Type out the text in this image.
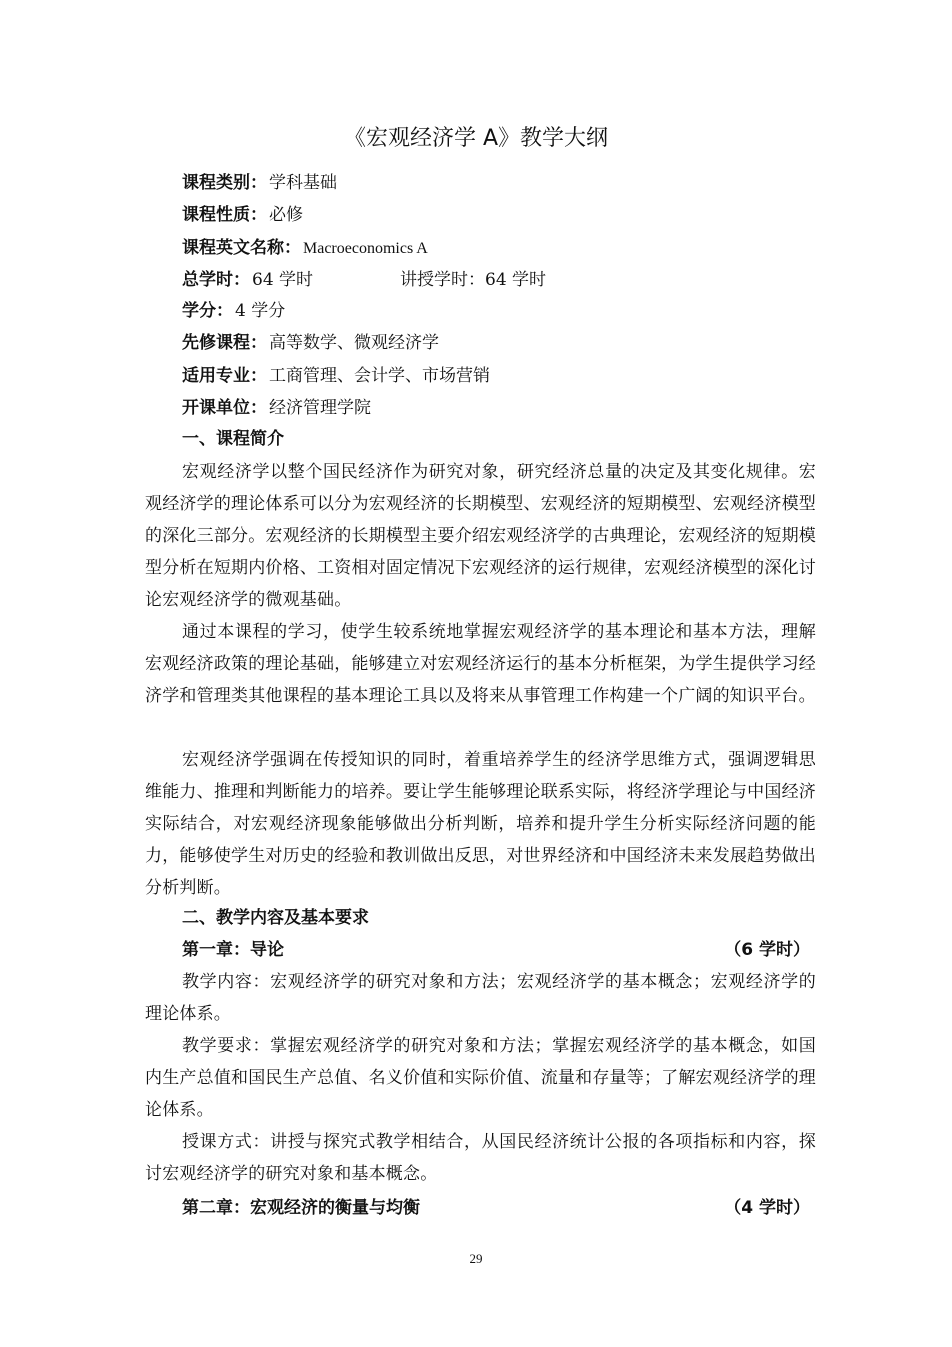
《宏观经济学 A》教学大纲
课程类别： 学科基础
课程性质： 必修
课程英文名称： Macroeconomics A
总学时： 64 学时	讲授学时：64 学时
学分： 4 学分
先修课程： 高等数学、微观经济学
适用专业： 工商管理、会计学、市场营销
开课单位： 经济管理学院
一、课程简介

宏观经济学以整个国民经济作为研究对象，研究经济总量的决定及其变化规律。宏观经济学的理论体系可以分为宏观经济的长期模型、宏观经济的短期模型、宏观经济模型的深化三部分。宏观经济的长期模型主要介绍宏观经济学的古典理论，宏观经济的短期模型分析在短期内价格、工资相对固定情况下宏观经济的运行规律，宏观经济模型的深化讨论宏观经济学的微观基础。

通过本课程的学习，使学生较系统地掌握宏观经济学的基本理论和基本方法，理解宏观经济政策的理论基础，能够建立对宏观经济运行的基本分析框架，为学生提供学习经济学和管理类其他课程的基本理论工具以及将来从事管理工作构建一个广阔的知识平台。

宏观经济学强调在传授知识的同时，着重培养学生的经济学思维方式，强调逻辑思维能力、推理和判断能力的培养。要让学生能够理论联系实际，将经济学理论与中国经济实际结合，对宏观经济现象能够做出分析判断，培养和提升学生分析实际经济问题的能力，能够使学生对历史的经验和教训做出反思，对世界经济和中国经济未来发展趋势做出分析判断。

二、教学内容及基本要求
第一章：导论	（6 学时）

教学内容：宏观经济学的研究对象和方法；宏观经济学的基本概念；宏观经济学的理论体系。

教学要求：掌握宏观经济学的研究对象和方法；掌握宏观经济学的基本概念，如国内生产总值和国民生产总值、名义价值和实际价值、流量和存量等；了解宏观经济学的理论体系。

授课方式：讲授与探究式教学相结合，从国民经济统计公报的各项指标和内容，探讨宏观经济学的研究对象和基本概念。

第二章：宏观经济的衡量与均衡	（4 学时）
29
